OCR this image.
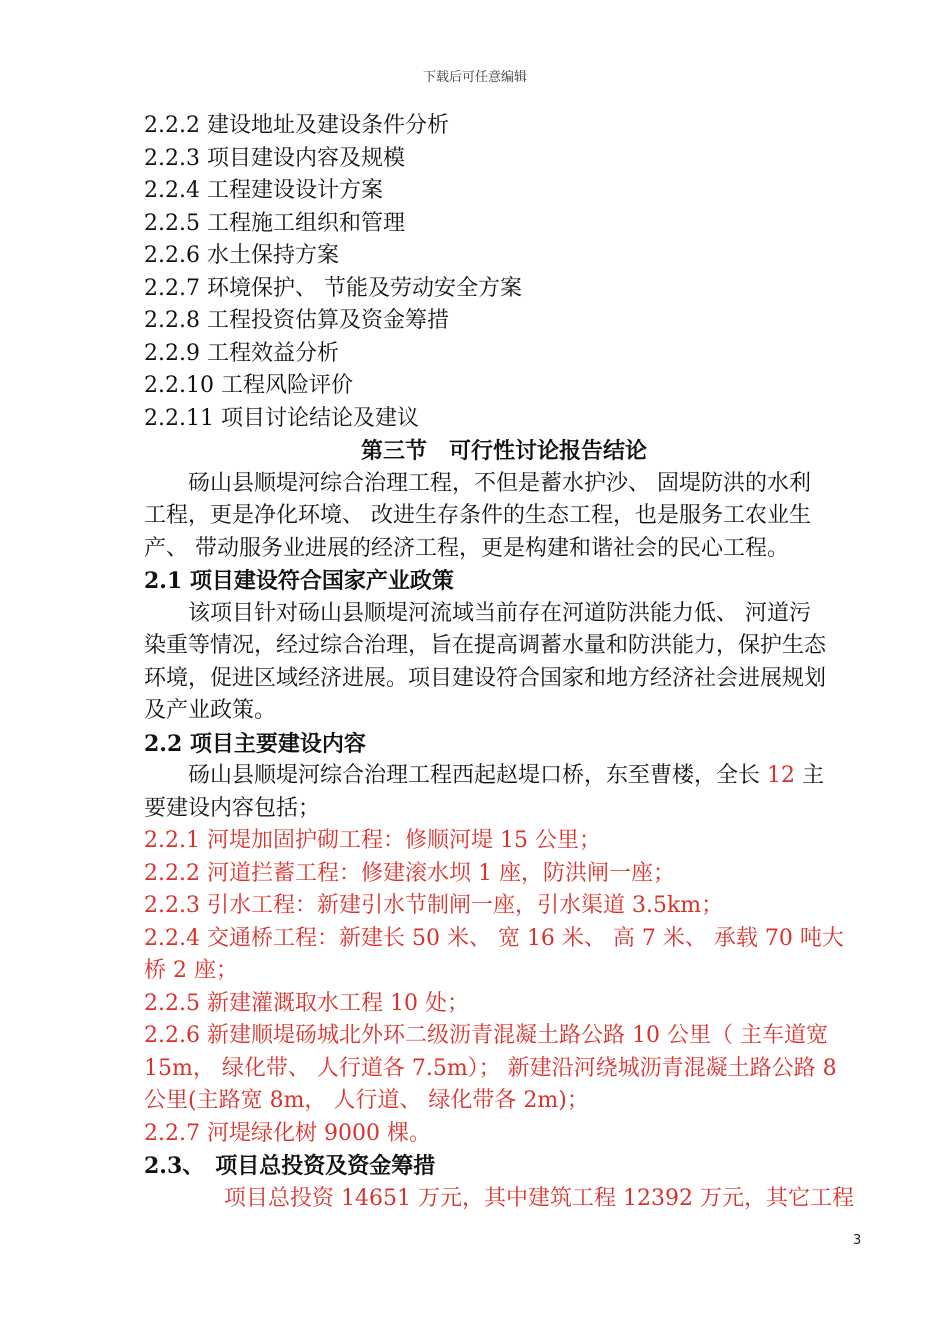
下载后可任意编辑
2.2.2 建设地址及建设条件分析
2.2.3 项目建设内容及规模
2.2.4 工程建设设计方案
2.2.5 工程施工组织和管理
2.2.6 水土保持方案
2.2.7 环境保护、 节能及劳动安全方案
2.2.8 工程投资估算及资金筹措
2.2.9 工程效益分析
2.2.10 工程风险评价
2.2.11 项目讨论结论及建议
第三节　可行性讨论报告结论
砀山县顺堤河综合治理工程，不但是蓄水护沙、 固堤防洪的水利
工程，更是净化环境、 改进生存条件的生态工程，也是服务工农业生
产、 带动服务业进展的经济工程，更是构建和谐社会的民心工程。
2.1 项目建设符合国家产业政策
该项目针对砀山县顺堤河流域当前存在河道防洪能力低、 河道污
染重等情况，经过综合治理，旨在提高调蓄水量和防洪能力，保护生态
环境，促进区域经济进展。项目建设符合国家和地方经济社会进展规划
及产业政策。
2.2 项目主要建设内容
砀山县顺堤河综合治理工程西起赵堤口桥，东至曹楼，全长 12 主
要建设内容包括；
2.2.1 河堤加固护砌工程：修顺河堤 15 公里；
2.2.2 河道拦蓄工程：修建滚水坝 1 座，防洪闸一座；
2.2.3 引水工程：新建引水节制闸一座，引水渠道 3.5km；
2.2.4 交通桥工程：新建长 50 米、 宽 16 米、 高 7 米、 承载 70 吨大
桥 2 座；
2.2.5 新建灌溉取水工程 10 处；
2.2.6 新建顺堤砀城北外环二级沥青混凝土路公路 10 公里（ 主车道宽
15m， 绿化带、 人行道各 7.5m）； 新建沿河绕城沥青混凝土路公路 8
公里(主路宽 8m， 人行道、 绿化带各 2m)；
2.2.7 河堤绿化树 9000 棵。
2.3、　项目总投资及资金筹措
项目总投资 14651 万元，其中建筑工程 12392 万元，其它工程
3
